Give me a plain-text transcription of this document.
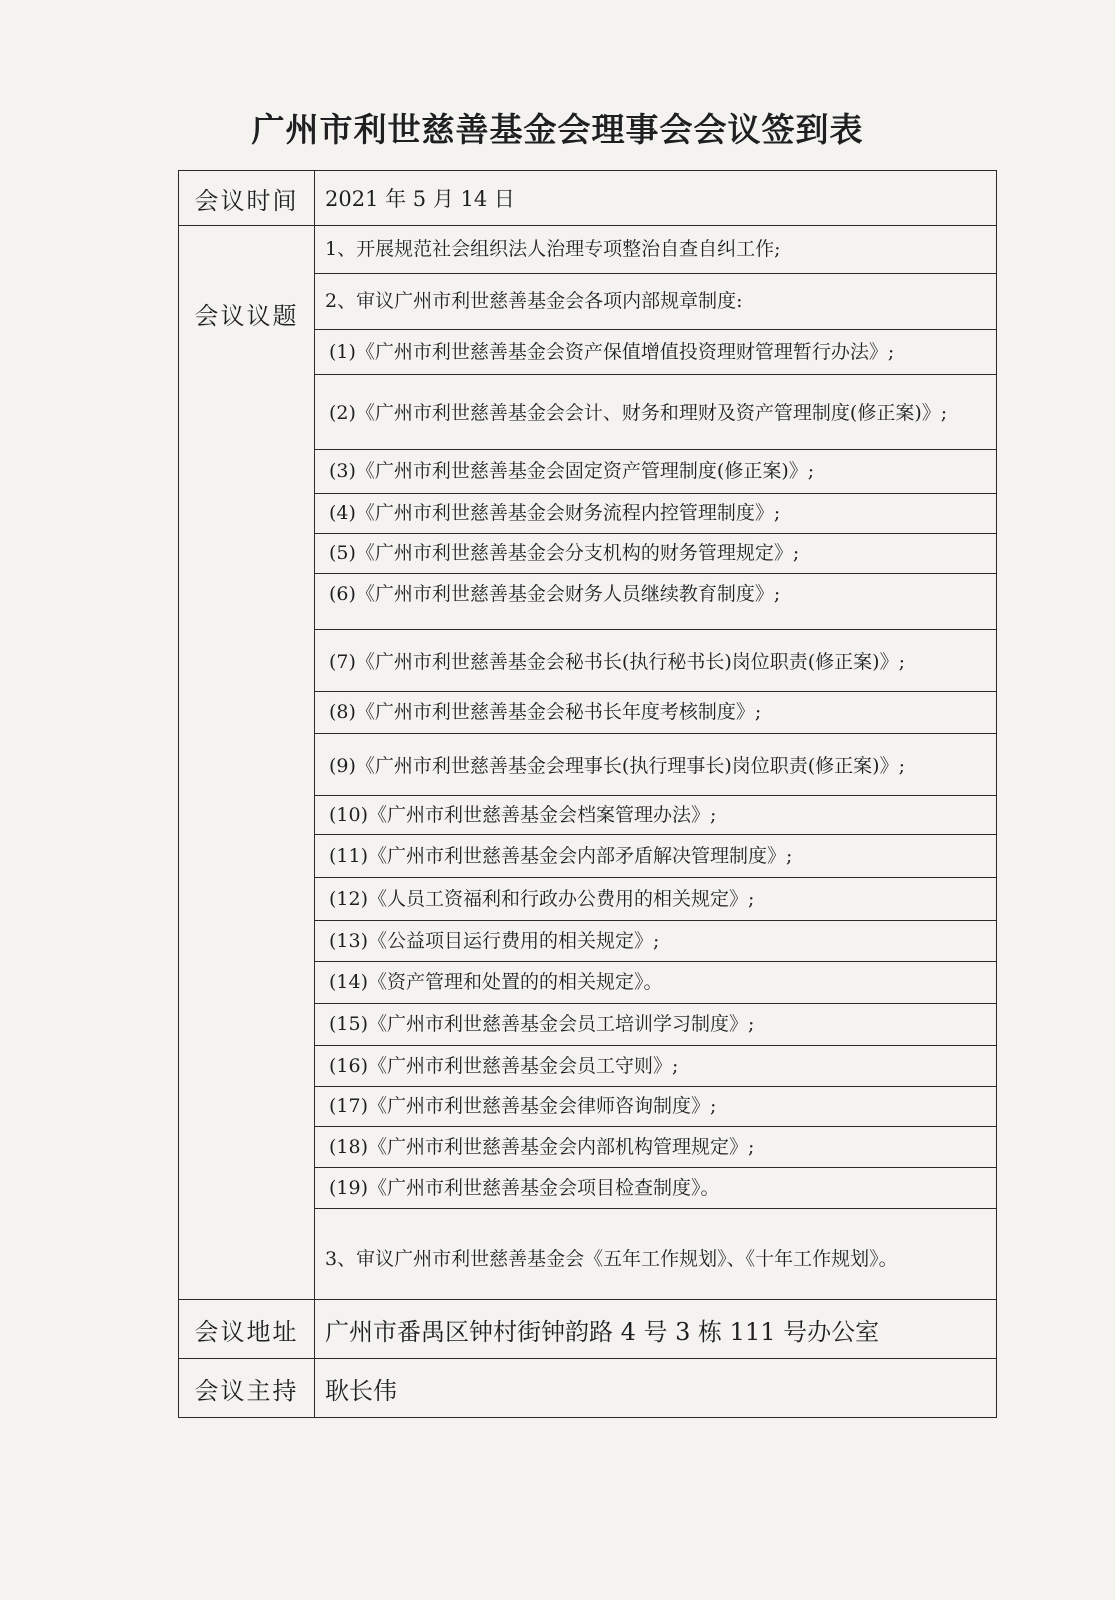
广州市利世慈善基金会理事会会议签到表
会议时间	2021 年 5 月 14 日
会议议题	1、开展规范社会组织法人治理专项整治自查自纠工作;
	2、审议广州市利世慈善基金会各项内部规章制度:
	(1)《广州市利世慈善基金会资产保值增值投资理财管理暂行办法》;
	(2)《广州市利世慈善基金会会计、财务和理财及资产管理制度(修正案)》;
	(3)《广州市利世慈善基金会固定资产管理制度(修正案)》;
	(4)《广州市利世慈善基金会财务流程内控管理制度》;
	(5)《广州市利世慈善基金会分支机构的财务管理规定》;
	(6)《广州市利世慈善基金会财务人员继续教育制度》;
	(7)《广州市利世慈善基金会秘书长(执行秘书长)岗位职责(修正案)》;
	(8)《广州市利世慈善基金会秘书长年度考核制度》;
	(9)《广州市利世慈善基金会理事长(执行理事长)岗位职责(修正案)》;
	(10)《广州市利世慈善基金会档案管理办法》;
	(11)《广州市利世慈善基金会内部矛盾解决管理制度》;
	(12)《人员工资福利和行政办公费用的相关规定》;
	(13)《公益项目运行费用的相关规定》;
	(14)《资产管理和处置的的相关规定》。
	(15)《广州市利世慈善基金会员工培训学习制度》;
	(16)《广州市利世慈善基金会员工守则》;
	(17)《广州市利世慈善基金会律师咨询制度》;
	(18)《广州市利世慈善基金会内部机构管理规定》;
	(19)《广州市利世慈善基金会项目检查制度》。
	3、审议广州市利世慈善基金会《五年工作规划》、《十年工作规划》。
会议地址	广州市番禺区钟村街钟韵路 4 号 3 栋 111 号办公室
会议主持	耿长伟
